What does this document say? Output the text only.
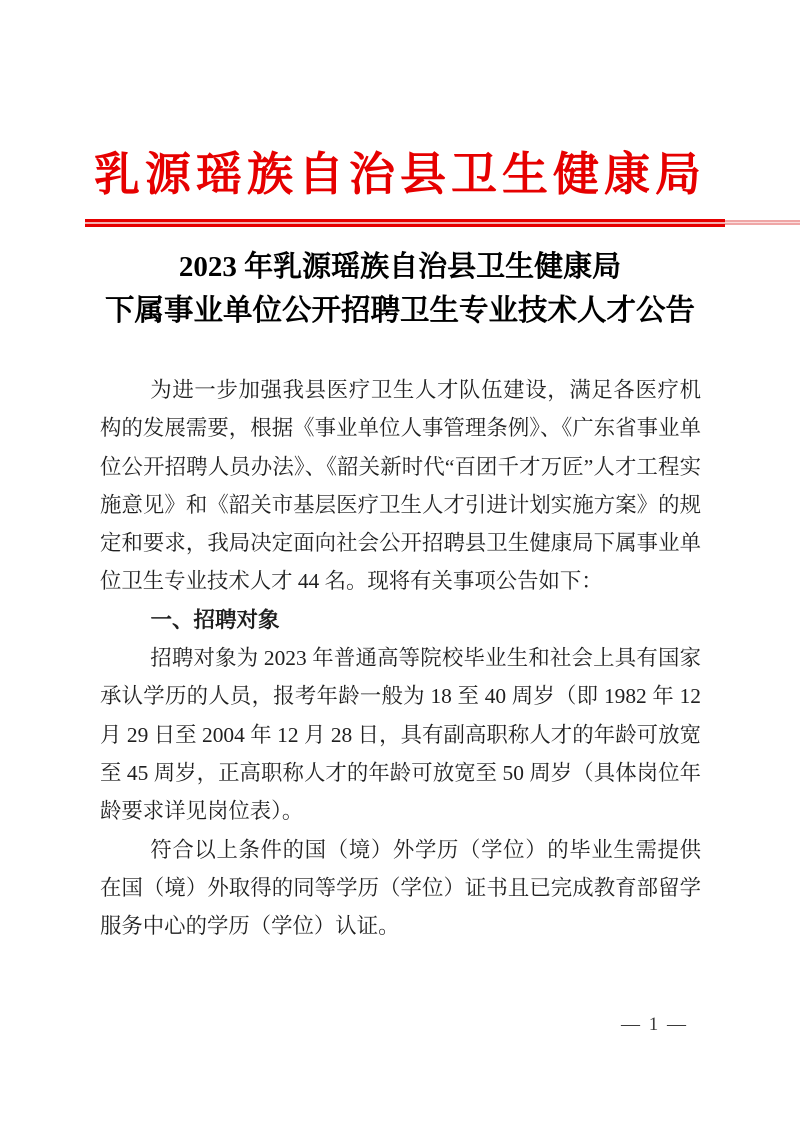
乳源瑶族自治县卫生健康局
2023 年乳源瑶族自治县卫生健康局
下属事业单位公开招聘卫生专业技术人才公告

为进一步加强我县医疗卫生人才队伍建设，满足各医疗机构的发展需要，根据《事业单位人事管理条例》、《广东省事业单位公开招聘人员办法》、《韶关新时代“百团千才万匠”人才工程实施意见》和《韶关市基层医疗卫生人才引进计划实施方案》的规定和要求，我局决定面向社会公开招聘县卫生健康局下属事业单位卫生专业技术人才 44 名。现将有关事项公告如下：

一、招聘对象

招聘对象为 2023 年普通高等院校毕业生和社会上具有国家承认学历的人员，报考年龄一般为 18 至 40 周岁（即 1982 年 12 月 29 日至 2004 年 12 月 28 日，具有副高职称人才的年龄可放宽至 45 周岁，正高职称人才的年龄可放宽至 50 周岁（具体岗位年龄要求详见岗位表）。

符合以上条件的国（境）外学历（学位）的毕业生需提供在国（境）外取得的同等学历（学位）证书且已完成教育部留学服务中心的学历（学位）认证。

— 1 —
